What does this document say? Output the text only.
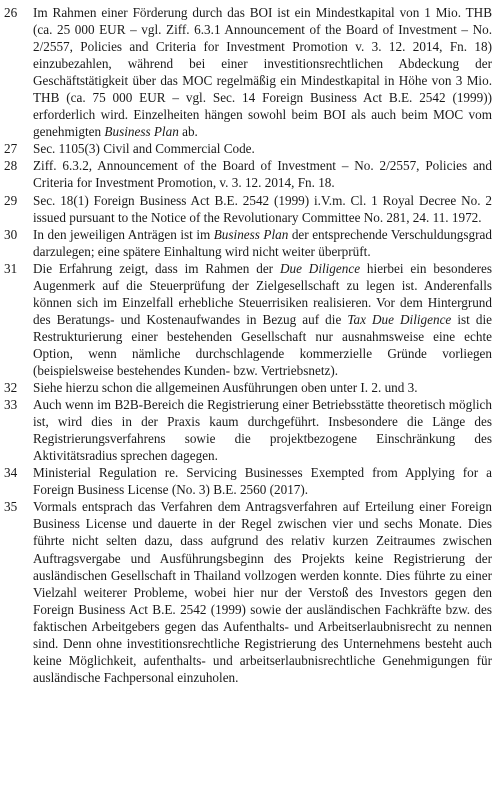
26	Im Rahmen einer Förderung durch das BOI ist ein Mindestkapital von 1 Mio. THB (ca. 25 000 EUR – vgl. Ziff. 6.3.1 Announcement of the Board of Investment – No. 2/2557, Policies and Criteria for Investment Promotion v. 3. 12. 2014, Fn. 18) einzubezahlen, während bei einer investitionsrechtlichen Abdeckung der Geschäftstätigkeit über das MOC regelmäßig ein Mindestkapital in Höhe von 3 Mio. THB (ca. 75 000 EUR – vgl. Sec. 14 Foreign Business Act B.E. 2542 (1999)) erforderlich wird. Einzelheiten hängen sowohl beim BOI als auch beim MOC vom genehmigten Business Plan ab.
27	Sec. 1105(3) Civil and Commercial Code.
28	Ziff. 6.3.2, Announcement of the Board of Investment – No. 2/2557, Policies and Criteria for Investment Promotion, v. 3. 12. 2014, Fn. 18.
29	Sec. 18(1) Foreign Business Act B.E. 2542 (1999) i.V.m. Cl. 1 Royal Decree No. 2 issued pursuant to the Notice of the Revolutionary Committee No. 281, 24. 11. 1972.
30	In den jeweiligen Anträgen ist im Business Plan der entsprechende Verschuldungsgrad darzulegen; eine spätere Einhaltung wird nicht weiter überprüft.
31	Die Erfahrung zeigt, dass im Rahmen der Due Diligence hierbei ein besonderes Augenmerk auf die Steuerprüfung der Zielgesellschaft zu legen ist. Anderenfalls können sich im Einzelfall erhebliche Steuerrisiken realisieren. Vor dem Hintergrund des Beratungs- und Kostenaufwandes in Bezug auf die Tax Due Diligence ist die Restrukturierung einer bestehenden Gesellschaft nur ausnahmsweise eine echte Option, wenn nämliche durchschlagende kommerzielle Gründe vorliegen (beispielsweise bestehendes Kunden- bzw. Vertriebsnetz).
32	Siehe hierzu schon die allgemeinen Ausführungen oben unter I. 2. und 3.
33	Auch wenn im B2B-Bereich die Registrierung einer Betriebsstätte theoretisch möglich ist, wird dies in der Praxis kaum durchgeführt. Insbesondere die Länge des Registrierungsverfahrens sowie die projektbezogene Einschränkung des Aktivitätsradius sprechen dagegen.
34	Ministerial Regulation re. Servicing Businesses Exempted from Applying for a Foreign Business License (No. 3) B.E. 2560 (2017).
35	Vormals entsprach das Verfahren dem Antragsverfahren auf Erteilung einer Foreign Business License und dauerte in der Regel zwischen vier und sechs Monate. Dies führte nicht selten dazu, dass aufgrund des relativ kurzen Zeitraumes zwischen Auftragsvergabe und Ausführungsbeginn des Projekts keine Registrierung der ausländischen Gesellschaft in Thailand vollzogen werden konnte. Dies führte zu einer Vielzahl weiterer Probleme, wobei hier nur der Verstoß des Investors gegen den Foreign Business Act B.E. 2542 (1999) sowie der ausländischen Fachkräfte bzw. des faktischen Arbeitgebers gegen das Aufenthalts- und Arbeitserlaubnisrecht zu nennen sind. Denn ohne investitionsrechtliche Registrierung des Unternehmens besteht auch keine Möglichkeit, aufenthalts- und arbeitserlaubnisrechtliche Genehmigungen für ausländische Fachpersonal einzuholen.
